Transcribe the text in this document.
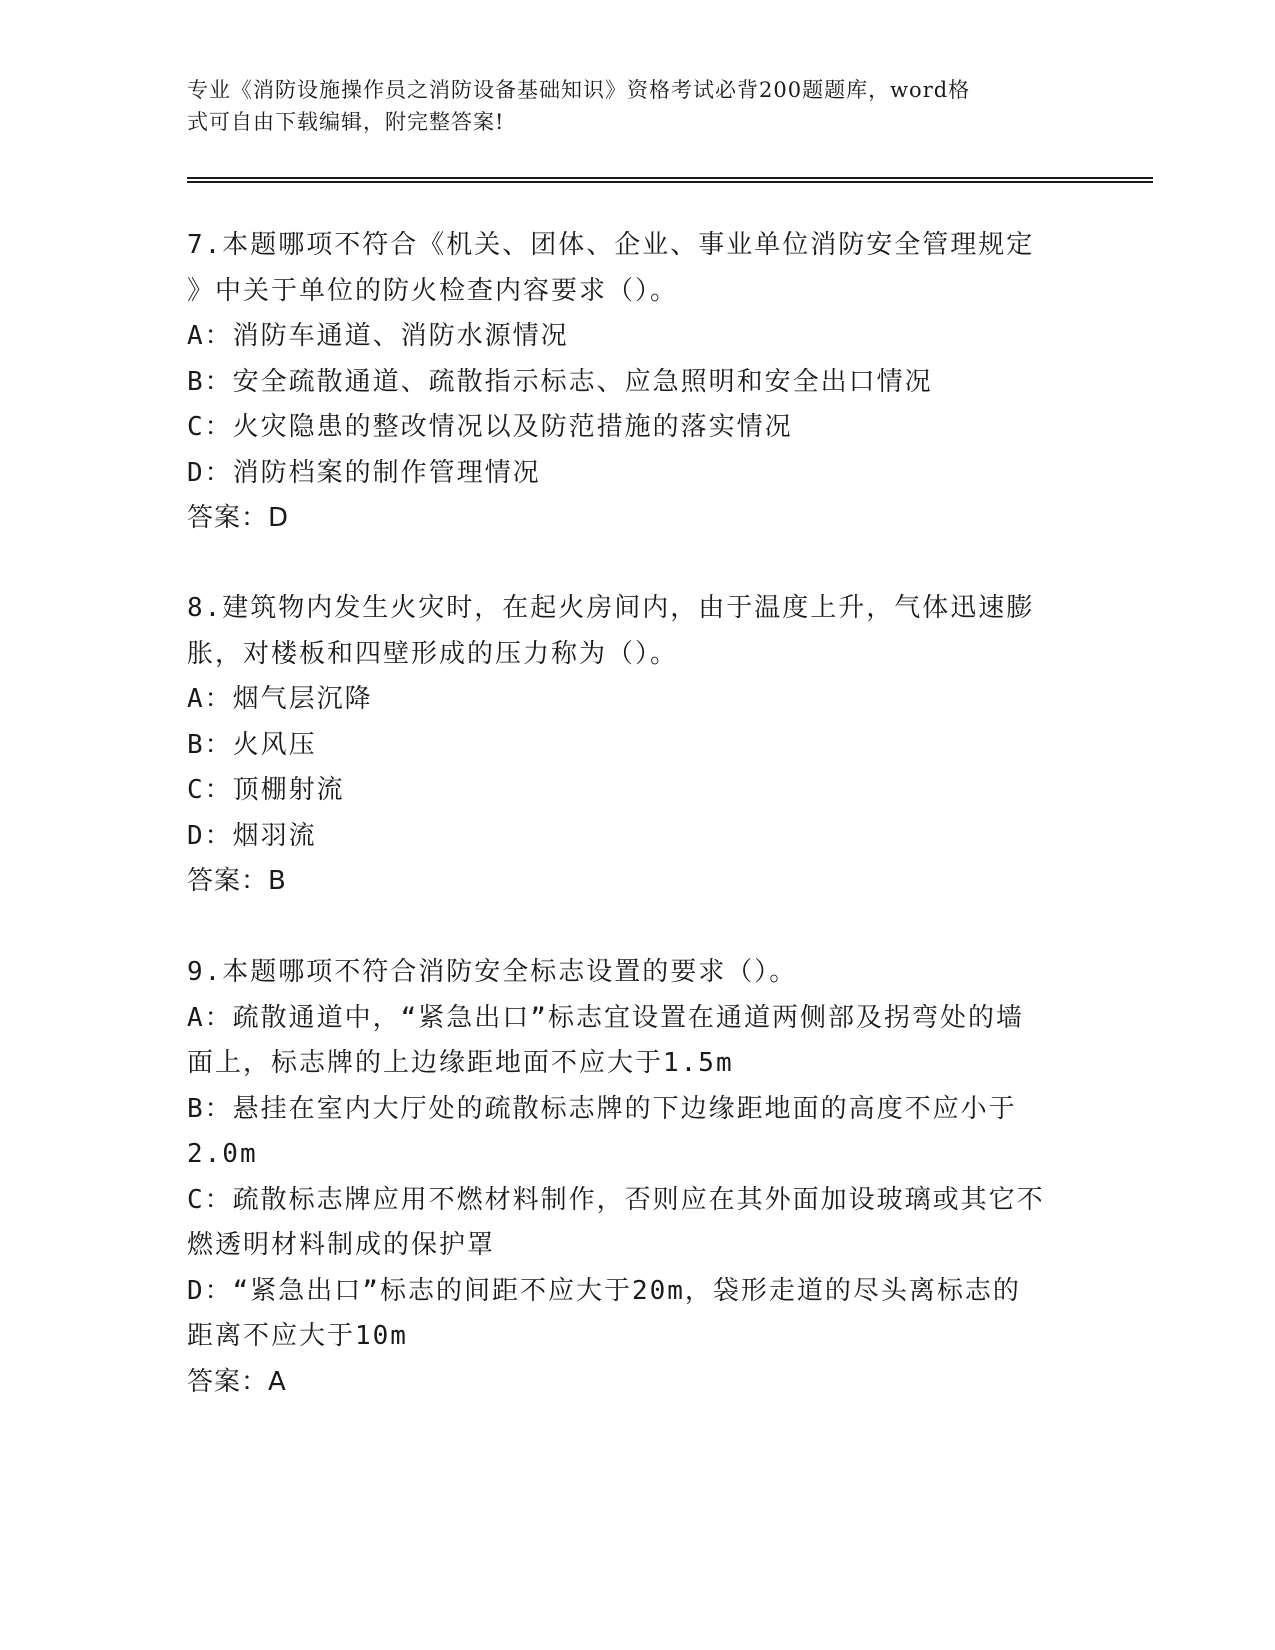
专业《消防设施操作员之消防设备基础知识》资格考试必背200题题库，word格
式可自由下载编辑，附完整答案!
7.本题哪项不符合《机关、团体、企业、事业单位消防安全管理规定
》中关于单位的防火检查内容要求（）。
A：消防车通道、消防水源情况
B：安全疏散通道、疏散指示标志、应急照明和安全出口情况
C：火灾隐患的整改情况以及防范措施的落实情况
D：消防档案的制作管理情况
答案：D
8.建筑物内发生火灾时，在起火房间内，由于温度上升，气体迅速膨
胀，对楼板和四壁形成的压力称为（）。
A：烟气层沉降
B：火风压
C：顶棚射流
D：烟羽流
答案：B
9.本题哪项不符合消防安全标志设置的要求（）。
A：疏散通道中，“紧急出口”标志宜设置在通道两侧部及拐弯处的墙
面上，标志牌的上边缘距地面不应大于1.5m
B：悬挂在室内大厅处的疏散标志牌的下边缘距地面的高度不应小于
2.0m
C：疏散标志牌应用不燃材料制作，否则应在其外面加设玻璃或其它不
燃透明材料制成的保护罩
D：“紧急出口”标志的间距不应大于20m，袋形走道的尽头离标志的
距离不应大于10m
答案：A
